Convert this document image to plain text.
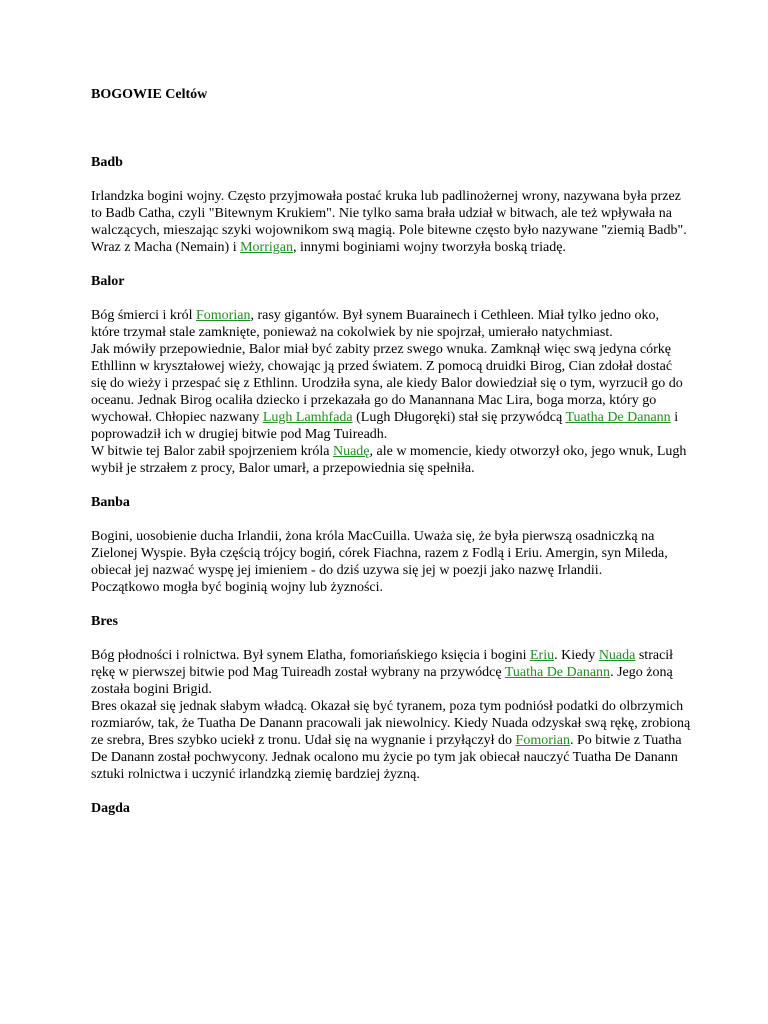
BOGOWIE Celtów

Badb

Irlandzka bogini wojny. Często przyjmowała postać kruka lub padlinożernej wrony, nazywana była przez to Badb Catha, czyli "Bitewnym Krukiem". Nie tylko sama brała udział w bitwach, ale też wpływała na walczących, mieszając szyki wojownikom swą magią. Pole bitewne często było nazywane "ziemią Badb".

Wraz z Macha (Nemain) i Morrigan, innymi boginiami wojny tworzyła boską triadę.

Balor

Bóg śmierci i król Fomorian, rasy gigantów. Był synem Buarainech i Cethleen. Miał tylko jedno oko, które trzymał stale zamknięte, ponieważ na cokolwiek by nie spojrzał, umierało natychmiast.

Jak mówiły przepowiednie, Balor miał być zabity przez swego wnuka. Zamknął więc swą jedyna córkę Ethllinn w kryształowej wieży, chowając ją przed światem. Z pomocą druidki Birog, Cian zdołał dostać się do wieży i przespać się z Ethlinn. Urodziła syna, ale kiedy Balor dowiedział się o tym, wyrzucił go do oceanu. Jednak Birog ocaliła dziecko i przekazała go do Manannana Mac Lira, boga morza, który go wychował. Chłopiec nazwany Lugh Lamhfada (Lugh Długoręki) stał się przywódcą Tuatha De Danann i poprowadził ich w drugiej bitwie pod Mag Tuireadh.

W bitwie tej Balor zabił spojrzeniem króla Nuadę, ale w momencie, kiedy otworzył oko, jego wnuk, Lugh wybił je strzałem z procy, Balor umarł, a przepowiednia się spełniła.

Banba

Bogini, uosobienie ducha Irlandii, żona króla MacCuilla. Uważa się, że była pierwszą osadniczką na Zielonej Wyspie. Była częścią trójcy bogiń, córek Fiachna, razem z Fodlą i Eriu. Amergin, syn Mileda, obiecał jej nazwać wyspę jej imieniem - do dziś uzywa się jej w poezji jako nazwę Irlandii.

Początkowo mogła być boginią wojny lub żyzności.

Bres

Bóg płodności i rolnictwa. Był synem Elatha, fomoriańskiego księcia i bogini Eriu. Kiedy Nuada stracił rękę w pierwszej bitwie pod Mag Tuireadh został wybrany na przywódcę Tuatha De Danann. Jego żoną została bogini Brigid.

Bres okazał się jednak słabym władcą. Okazał się być tyranem, poza tym podniósł podatki do olbrzymich rozmiarów, tak, że Tuatha De Danann pracowali jak niewolnicy. Kiedy Nuada odzyskał swą rękę, zrobioną ze srebra, Bres szybko uciekł z tronu. Udał się na wygnanie i przyłączył do Fomorian. Po bitwie z Tuatha De Danann został pochwycony. Jednak ocalono mu życie po tym jak obiecał nauczyć Tuatha De Danann sztuki rolnictwa i uczynić irlandzką ziemię bardziej żyzną.

Dagda
